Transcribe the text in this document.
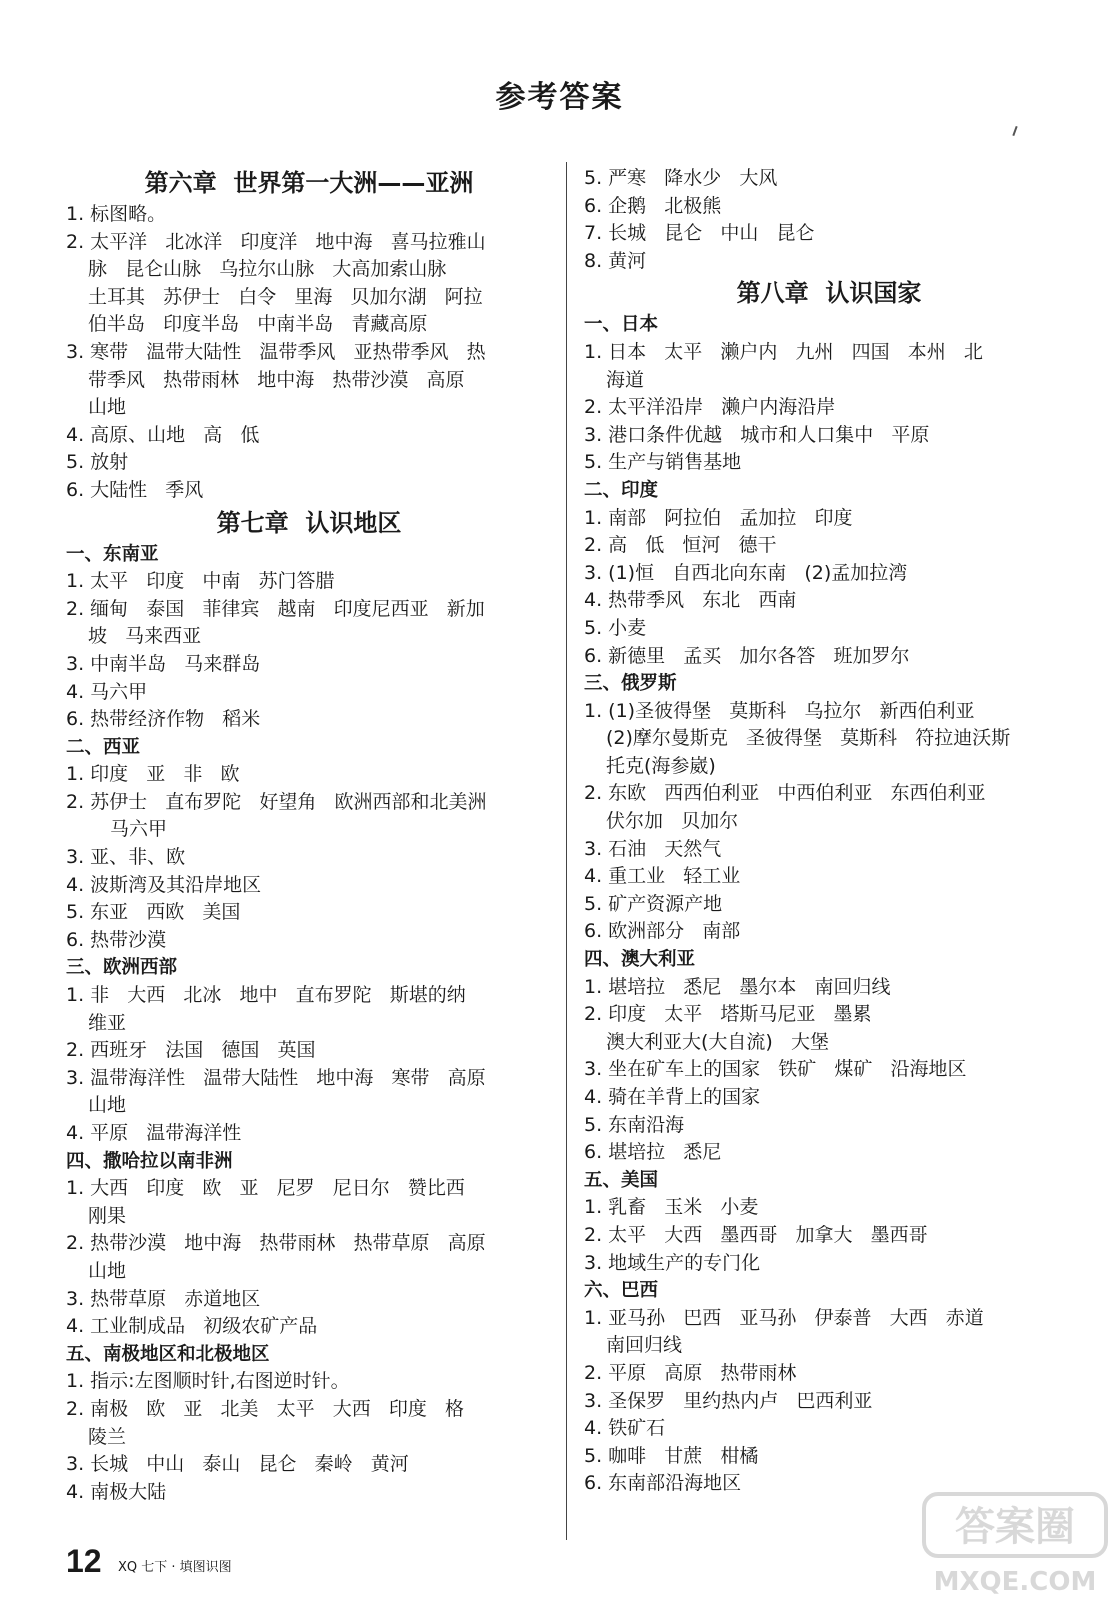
参考答案
第六章  世界第一大洲——亚洲
1. 标图略。
2. 太平洋   北冰洋   印度洋   地中海   喜马拉雅山
脉   昆仑山脉   乌拉尔山脉   大高加索山脉
土耳其   苏伊士   白令   里海   贝加尔湖   阿拉
伯半岛   印度半岛   中南半岛   青藏高原
3. 寒带   温带大陆性   温带季风   亚热带季风   热
带季风   热带雨林   地中海   热带沙漠   高原
山地
4. 高原、山地   高   低
5. 放射
6. 大陆性   季风
第七章  认识地区
一、东南亚
1. 太平   印度   中南   苏门答腊
2. 缅甸   泰国   菲律宾   越南   印度尼西亚   新加
坡   马来西亚
3. 中南半岛   马来群岛
4. 马六甲
6. 热带经济作物   稻米
二、西亚
1. 印度   亚   非   欧
2. 苏伊士   直布罗陀   好望角   欧洲西部和北美洲
马六甲
3. 亚、非、欧
4. 波斯湾及其沿岸地区
5. 东亚   西欧   美国
6. 热带沙漠
三、欧洲西部
1. 非   大西   北冰   地中   直布罗陀   斯堪的纳
维亚
2. 西班牙   法国   德国   英国
3. 温带海洋性   温带大陆性   地中海   寒带   高原
山地
4. 平原   温带海洋性
四、撒哈拉以南非洲
1. 大西   印度   欧   亚   尼罗   尼日尔   赞比西
刚果
2. 热带沙漠   地中海   热带雨林   热带草原   高原
山地
3. 热带草原   赤道地区
4. 工业制成品   初级农矿产品
五、南极地区和北极地区
1. 指示:左图顺时针,右图逆时针。
2. 南极   欧   亚   北美   太平   大西   印度   格
陵兰
3. 长城   中山   泰山   昆仑   秦岭   黄河
4. 南极大陆
5. 严寒   降水少   大风
6. 企鹅   北极熊
7. 长城   昆仑   中山   昆仑
8. 黄河
第八章  认识国家
一、日本
1. 日本   太平   濑户内   九州   四国   本州   北
海道
2. 太平洋沿岸   濑户内海沿岸
3. 港口条件优越   城市和人口集中   平原
5. 生产与销售基地
二、印度
1. 南部   阿拉伯   孟加拉   印度
2. 高   低   恒河   德干
3. (1)恒   自西北向东南   (2)孟加拉湾
4. 热带季风   东北   西南
5. 小麦
6. 新德里   孟买   加尔各答   班加罗尔
三、俄罗斯
1. (1)圣彼得堡   莫斯科   乌拉尔   新西伯利亚
(2)摩尔曼斯克   圣彼得堡   莫斯科   符拉迪沃斯
托克(海参崴)
2. 东欧   西西伯利亚   中西伯利亚   东西伯利亚
伏尔加   贝加尔
3. 石油   天然气
4. 重工业   轻工业
5. 矿产资源产地
6. 欧洲部分   南部
四、澳大利亚
1. 堪培拉   悉尼   墨尔本   南回归线
2. 印度   太平   塔斯马尼亚   墨累
澳大利亚大(大自流)   大堡
3. 坐在矿车上的国家   铁矿   煤矿   沿海地区
4. 骑在羊背上的国家
5. 东南沿海
6. 堪培拉   悉尼
五、美国
1. 乳畜   玉米   小麦
2. 太平   大西   墨西哥   加拿大   墨西哥
3. 地域生产的专门化
六、巴西
1. 亚马孙   巴西   亚马孙   伊泰普   大西   赤道
南回归线
2. 平原   高原   热带雨林
3. 圣保罗   里约热内卢   巴西利亚
4. 铁矿石
5. 咖啡   甘蔗   柑橘
6. 东南部沿海地区
12 XQ 七下 · 填图识图
答案圈
MXQE.COM
